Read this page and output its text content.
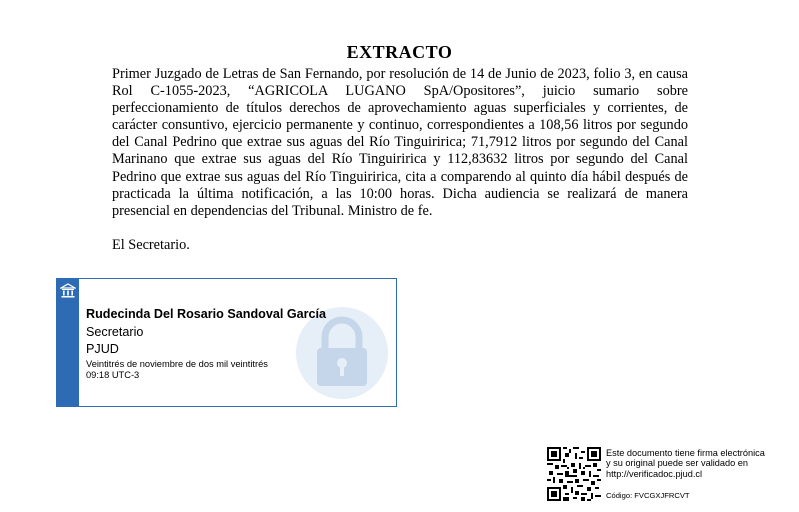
EXTRACTO
Primer Juzgado de Letras de San Fernando, por resolución de 14 de Junio de 2023, folio 3, en causa Rol C-1055-2023, “AGRICOLA LUGANO SpA/Opositores”, juicio sumario sobre perfeccionamiento de títulos derechos de aprovechamiento aguas superficiales y corrientes, de carácter consuntivo, ejercicio permanente y continuo, correspondientes a 108,56 litros por segundo del Canal Pedrino que extrae sus aguas del Río Tinguiririca; 71,7912 litros por segundo del Canal Marinano que extrae sus aguas del Río Tinguiririca y 112,83632 litros por segundo del Canal Pedrino que extrae sus aguas del Río Tinguiririca, cita a comparendo al quinto día hábil después de practicada la última notificación, a las 10:00 horas. Dicha audiencia se realizará de manera presencial en dependencias del Tribunal. Ministro de fe.
El Secretario.
Rudecinda Del Rosario Sandoval García
Secretario
PJUD
Veintitrés de noviembre de dos mil veintitrés
09:18 UTC-3
Este documento tiene firma electrónica
y su original puede ser validado en
http://verificadoc.pjud.cl
Código: FVCGXJFRCVT
